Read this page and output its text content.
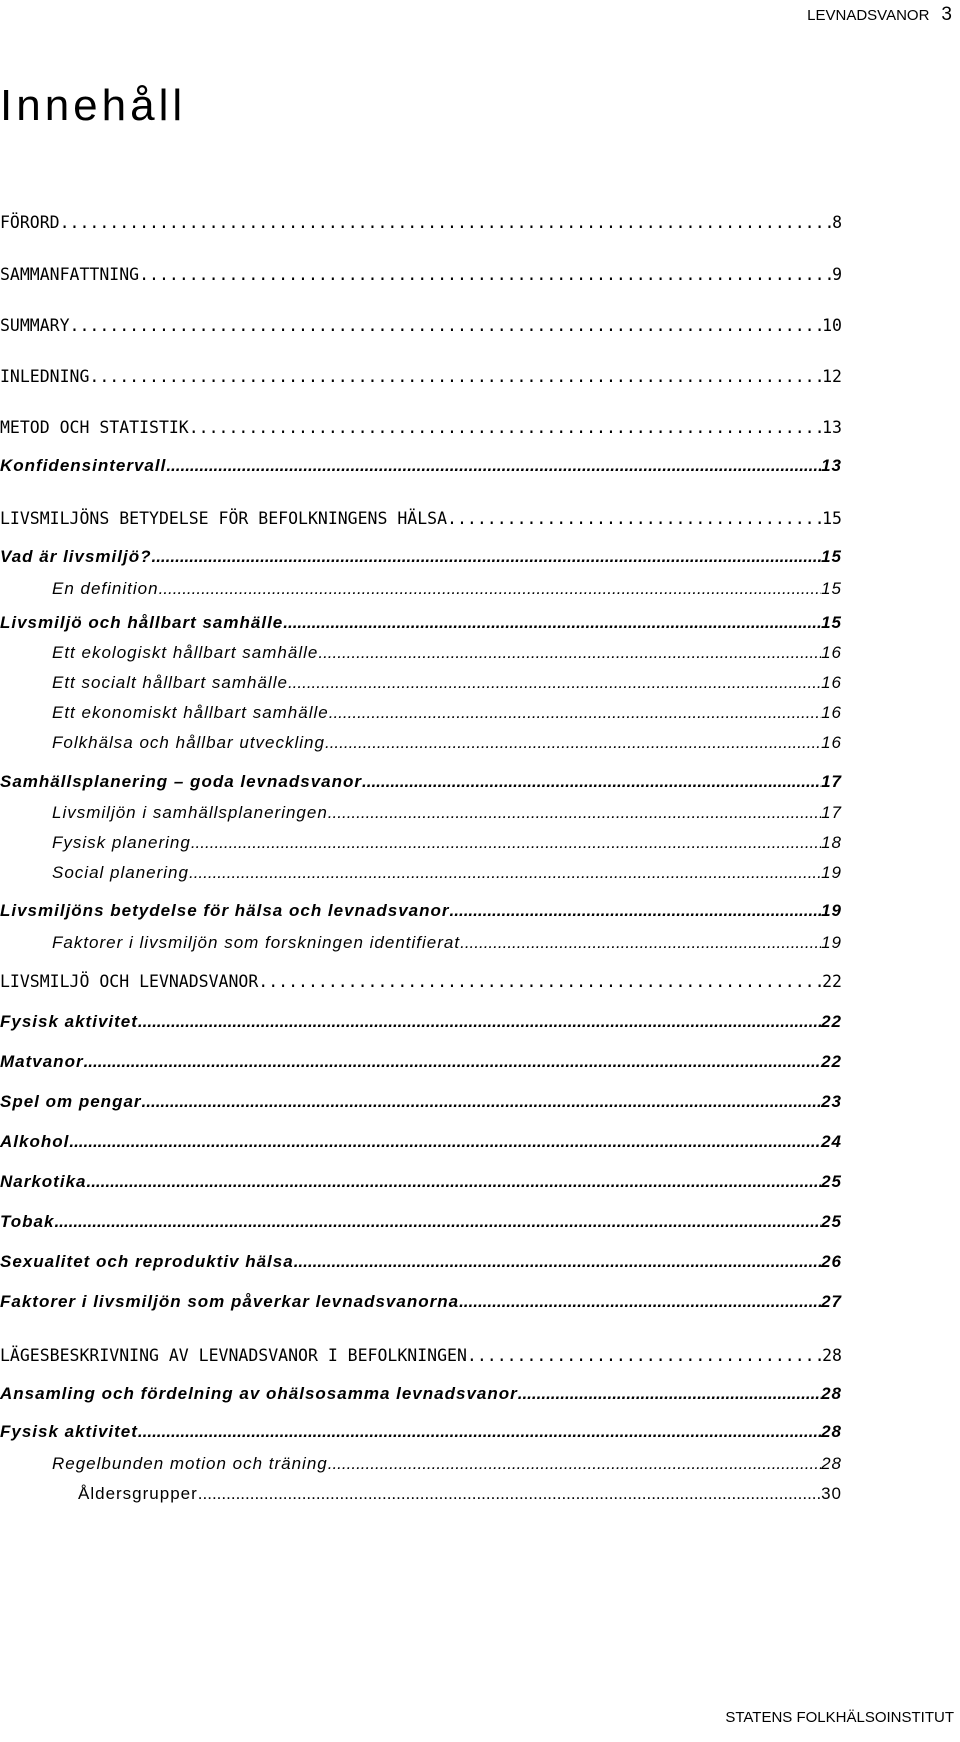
LEVNADSVANOR 3
Innehåll
FÖRORD .....	8
SAMMANFATTNING .....	9
SUMMARY .....	10
INLEDNING .....	12
METOD OCH STATISTIK .....	13
Konfidensintervall .....	13
LIVSMILJÖNS BETYDELSE FÖR BEFOLKNINGENS HÄLSA .....	15
Vad är livsmiljö? .....	15
En definition .....	15
Livsmiljö och hållbart samhälle .....	15
Ett ekologiskt hållbart samhälle .....	16
Ett socialt hållbart samhälle .....	16
Ett ekonomiskt hållbart samhälle .....	16
Folkhälsa och hållbar utveckling .....	16
Samhällsplanering – goda levnadsvanor .....	17
Livsmiljön i samhällsplaneringen .....	17
Fysisk planering .....	18
Social planering .....	19
Livsmiljöns betydelse för hälsa och levnadsvanor .....	19
Faktorer i livsmiljön som forskningen identifierat .....	19
LIVSMILJÖ OCH LEVNADSVANOR .....	22
Fysisk aktivitet .....	22
Matvanor .....	22
Spel om pengar .....	23
Alkohol .....	24
Narkotika .....	25
Tobak .....	25
Sexualitet och reproduktiv hälsa .....	26
Faktorer i livsmiljön som påverkar levnadsvanorna .....	27
LÄGESBESKRIVNING AV LEVNADSVANOR I BEFOLKNINGEN .....	28
Ansamling och fördelning av ohälsosamma levnadsvanor .....	28
Fysisk aktivitet .....	28
Regelbunden motion och träning .....	28
Åldersgrupper .....	30
STATENS FOLKHÄLSOINSTITUT
